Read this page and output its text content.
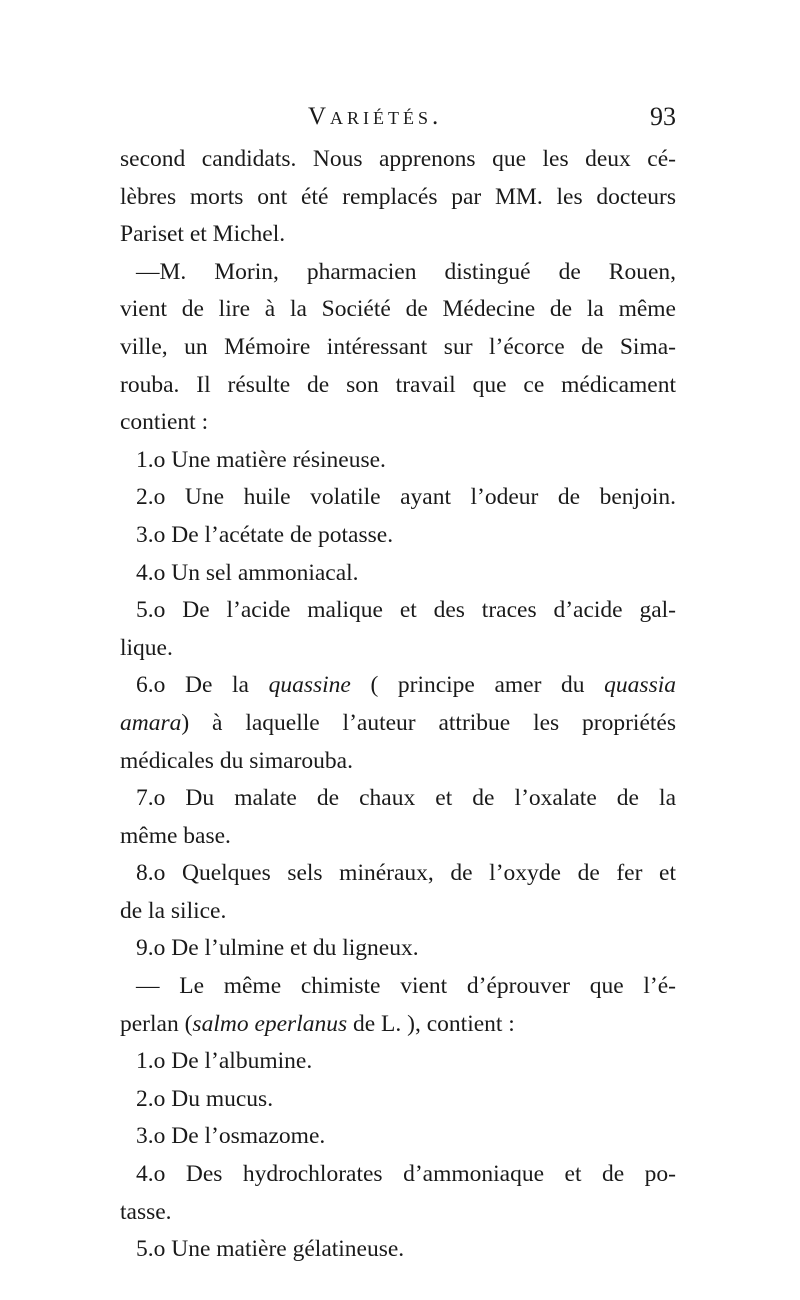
Variétés.	93
second candidats. Nous apprenons que les deux cé-
lèbres morts ont été remplacés par MM. les docteurs
Pariset et Michel.
—M. Morin, pharmacien distingué de Rouen,
vient de lire à la Société de Médecine de la même
ville, un Mémoire intéressant sur l’écorce de Sima-
rouba. Il résulte de son travail que ce médicament
contient :
1.o Une matière résineuse.
2.o Une huile volatile ayant l’odeur de benjoin.
3.o De l’acétate de potasse.
4.o Un sel ammoniacal.
5.o De l’acide malique et des traces d’acide gal-
lique.
6.o De la quassine ( principe amer du quassia
amara) à laquelle l’auteur attribue les propriétés
médicales du simarouba.
7.o Du malate de chaux et de l’oxalate de la
même base.
8.o Quelques sels minéraux, de l’oxyde de fer et
de la silice.
9.o De l’ulmine et du ligneux.
— Le même chimiste vient d’éprouver que l’é-
perlan (salmo eperlanus de L. ), contient :
1.o De l’albumine.
2.o Du mucus.
3.o De l’osmazome.
4.o Des hydrochlorates d’ammoniaque et de po-
tasse.
5.o Une matière gélatineuse.
